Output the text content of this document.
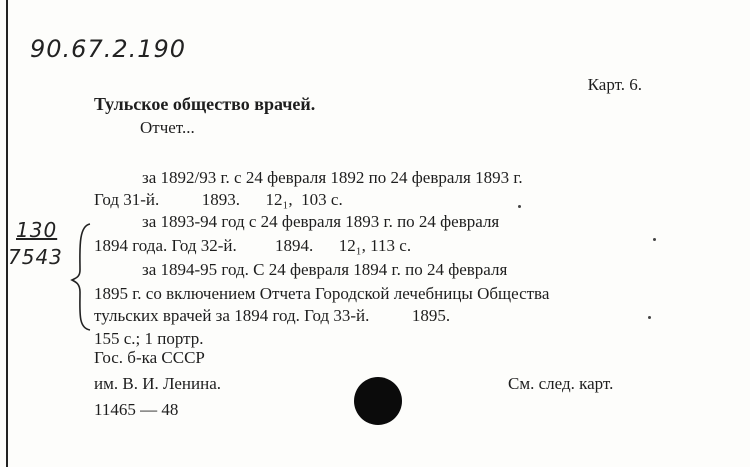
90.67.2.190
130
7543
Карт. 6.
Тульское общество врачей.
Отчет...
за 1892/93 г. с 24 февраля 1892 по 24 февраля 1893 г.
Год 31-й.          1893.      12₁,  103 с.
за 1893-94 год с 24 февраля 1893 г. по 24 февраля
1894 года. Год 32-й.         1894.      12₁, 113 с.
за 1894-95 год. С 24 февраля 1894 г. по 24 февраля
1895 г. со включением Отчета Городской лечебницы Общества
тульских врачей за 1894 год. Год 33-й.          1895.
155 с.; 1 портр.
Гос. б-ка СССР
им. В. И. Ленина.
11465 — 48
См. след. карт.
